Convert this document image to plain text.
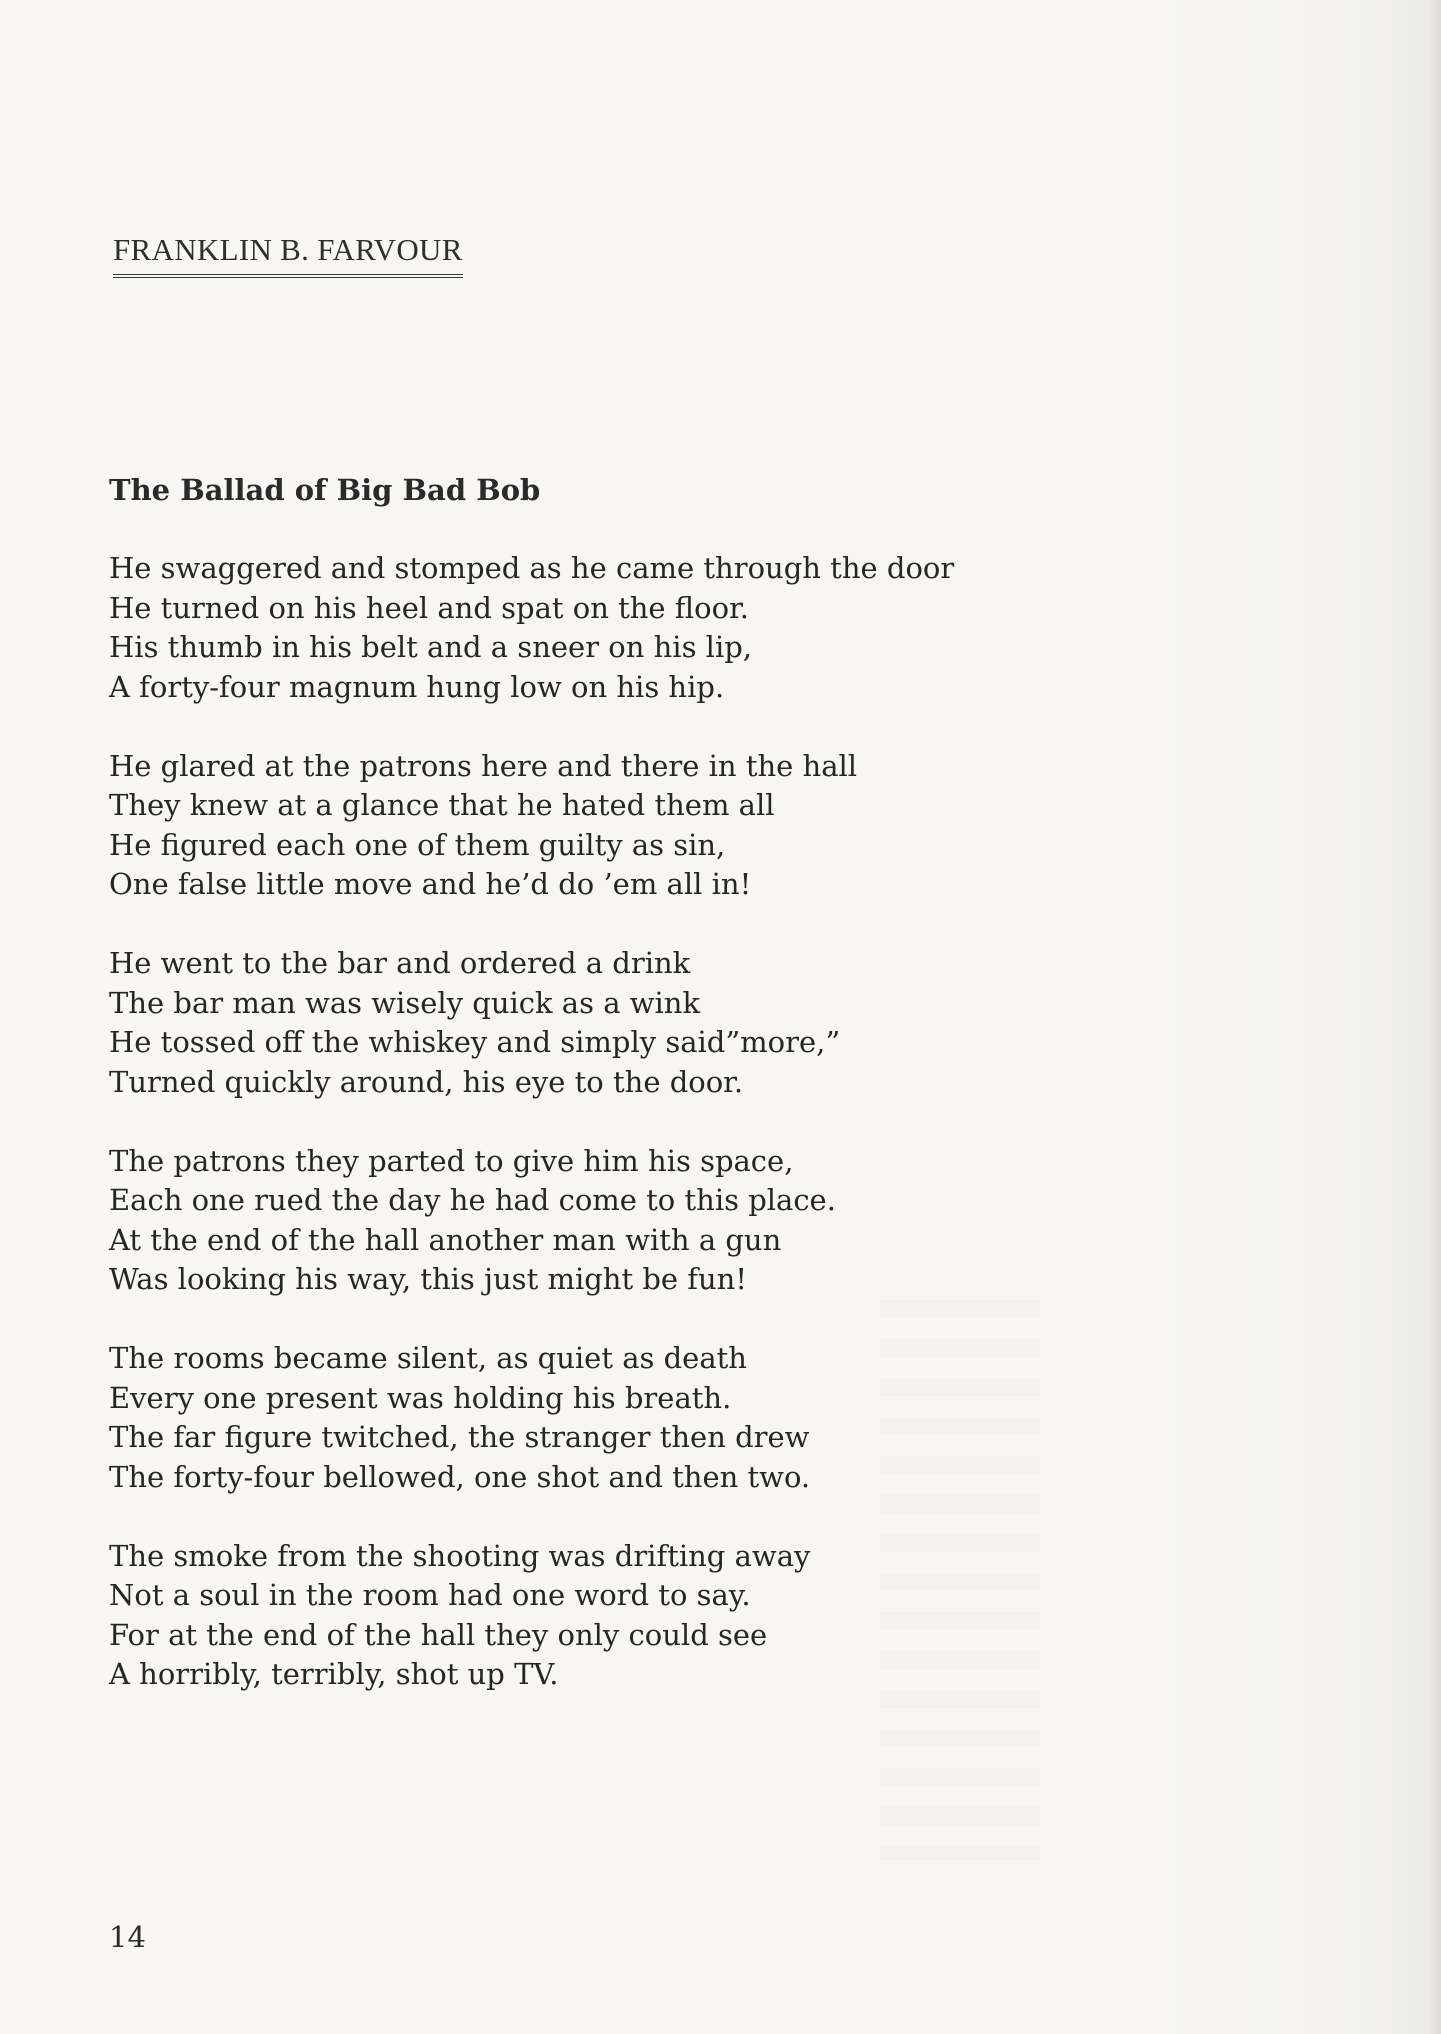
FRANKLIN B. FARVOUR
The Ballad of Big Bad Bob
He swaggered and stomped as he came through the door
He turned on his heel and spat on the floor.
His thumb in his belt and a sneer on his lip,
A forty-four magnum hung low on his hip.
He glared at the patrons here and there in the hall
They knew at a glance that he hated them all
He figured each one of them guilty as sin,
One false little move and he’d do ’em all in!
He went to the bar and ordered a drink
The bar man was wisely quick as a wink
He tossed off the whiskey and simply said”more,”
Turned quickly around, his eye to the door.
The patrons they parted to give him his space,
Each one rued the day he had come to this place.
At the end of the hall another man with a gun
Was looking his way, this just might be fun!
The rooms became silent, as quiet as death
Every one present was holding his breath.
The far figure twitched, the stranger then drew
The forty-four bellowed, one shot and then two.
The smoke from the shooting was drifting away
Not a soul in the room had one word to say.
For at the end of the hall they only could see
A horribly, terribly, shot up TV.
14
